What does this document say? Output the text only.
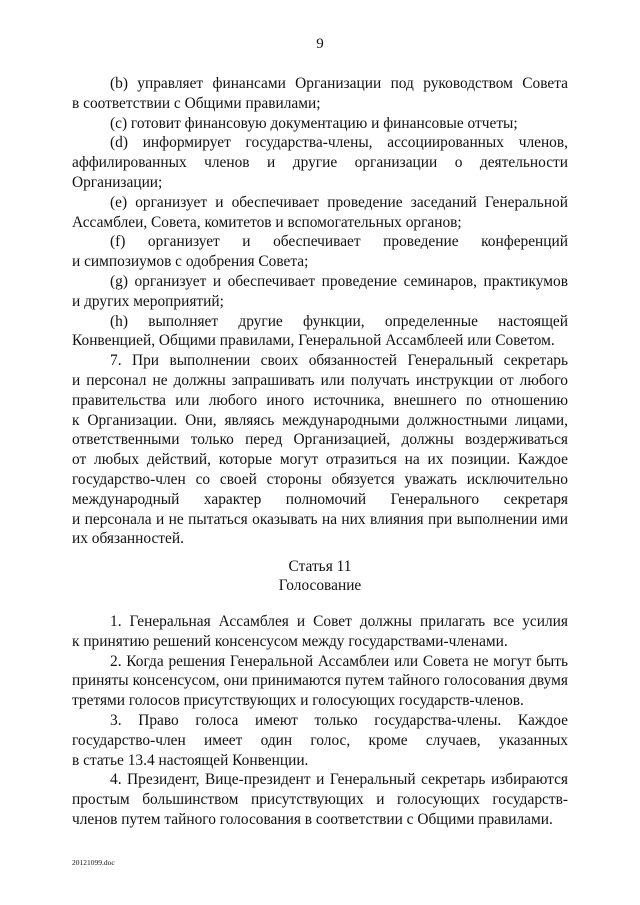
9
(b) управляет финансами Организации под руководством Совета
в соответствии с Общими правилами;
(c) готовит финансовую документацию и финансовые отчеты;
(d) информирует государства-члены, ассоциированных членов,
аффилированных членов и другие организации о деятельности
Организации;
(e) организует и обеспечивает проведение заседаний Генеральной
Ассамблеи, Совета, комитетов и вспомогательных органов;
(f) организует и обеспечивает проведение конференций
и симпозиумов с одобрения Совета;
(g) организует и обеспечивает проведение семинаров, практикумов
и других мероприятий;
(h) выполняет другие функции, определенные настоящей
Конвенцией, Общими правилами, Генеральной Ассамблеей или Советом.
7. При выполнении своих обязанностей Генеральный секретарь
и персонал не должны запрашивать или получать инструкции от любого
правительства или любого иного источника, внешнего по отношению
к Организации. Они, являясь международными должностными лицами,
ответственными только перед Организацией, должны воздерживаться
от любых действий, которые могут отразиться на их позиции. Каждое
государство-член со своей стороны обязуется уважать исключительно
международный характер полномочий Генерального секретаря
и персонала и не пытаться оказывать на них влияния при выполнении ими
их обязанностей.
Статья 11
Голосование
1. Генеральная Ассамблея и Совет должны прилагать все усилия
к принятию решений консенсусом между государствами-членами.
2. Когда решения Генеральной Ассамблеи или Совета не могут быть
приняты консенсусом, они принимаются путем тайного голосования двумя
третями голосов присутствующих и голосующих государств-членов.
3. Право голоса имеют только государства-члены. Каждое
государство-член имеет один голос, кроме случаев, указанных
в статье 13.4 настоящей Конвенции.
4. Президент, Вице-президент и Генеральный секретарь избираются
простым большинством присутствующих и голосующих государств-
членов путем тайного голосования в соответствии с Общими правилами.
20121099.doc
